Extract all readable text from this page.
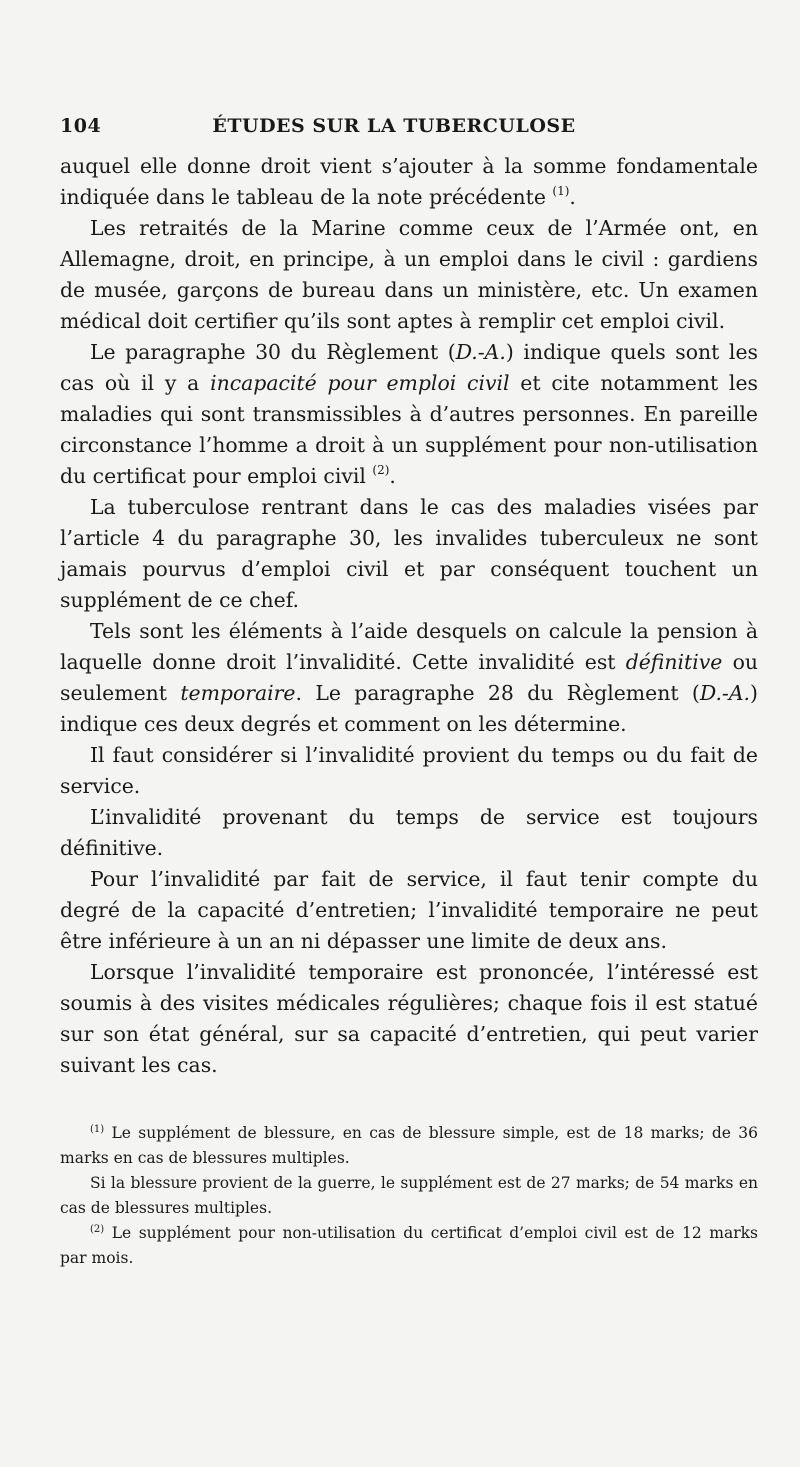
104	ÉTUDES SUR LA TUBERCULOSE

auquel elle donne droit vient s’ajouter à la somme fondamentale indiquée dans le tableau de la note précédente $^{(1)}$.

Les retraités de la Marine comme ceux de l’Armée ont, en Allemagne, droit, en principe, à un emploi dans le civil : gardiens de musée, garçons de bureau dans un ministère, etc. Un examen médical doit certifier qu’ils sont aptes à remplir cet emploi civil.

Le paragraphe 30 du Règlement (D.-A.) indique quels sont les cas où il y a incapacité pour emploi civil et cite notamment les maladies qui sont transmissibles à d’autres personnes. En pareille circonstance l’homme a droit à un supplément pour non-utilisation du certificat pour emploi civil $^{(2)}$.

La tuberculose rentrant dans le cas des maladies visées par l’article 4 du paragraphe 30, les invalides tuberculeux ne sont jamais pourvus d’emploi civil et par conséquent touchent un supplément de ce chef.

Tels sont les éléments à l’aide desquels on calcule la pension à laquelle donne droit l’invalidité. Cette invalidité est définitive ou seulement temporaire. Le paragraphe 28 du Règlement (D.-A.) indique ces deux degrés et comment on les détermine.

Il faut considérer si l’invalidité provient du temps ou du fait de service.

L’invalidité provenant du temps de service est toujours définitive.

Pour l’invalidité par fait de service, il faut tenir compte du degré de la capacité d’entretien; l’invalidité temporaire ne peut être inférieure à un an ni dépasser une limite de deux ans.

Lorsque l’invalidité temporaire est prononcée, l’intéressé est soumis à des visites médicales régulières; chaque fois il est statué sur son état général, sur sa capacité d’entretien, qui peut varier suivant les cas.

$^{(1)}$ Le supplément de blessure, en cas de blessure simple, est de 18 marks; de 36 marks en cas de blessures multiples.

Si la blessure provient de la guerre, le supplément est de 27 marks; de 54 marks en cas de blessures multiples.

$^{(2)}$ Le supplément pour non-utilisation du certificat d’emploi civil est de 12 marks par mois.
